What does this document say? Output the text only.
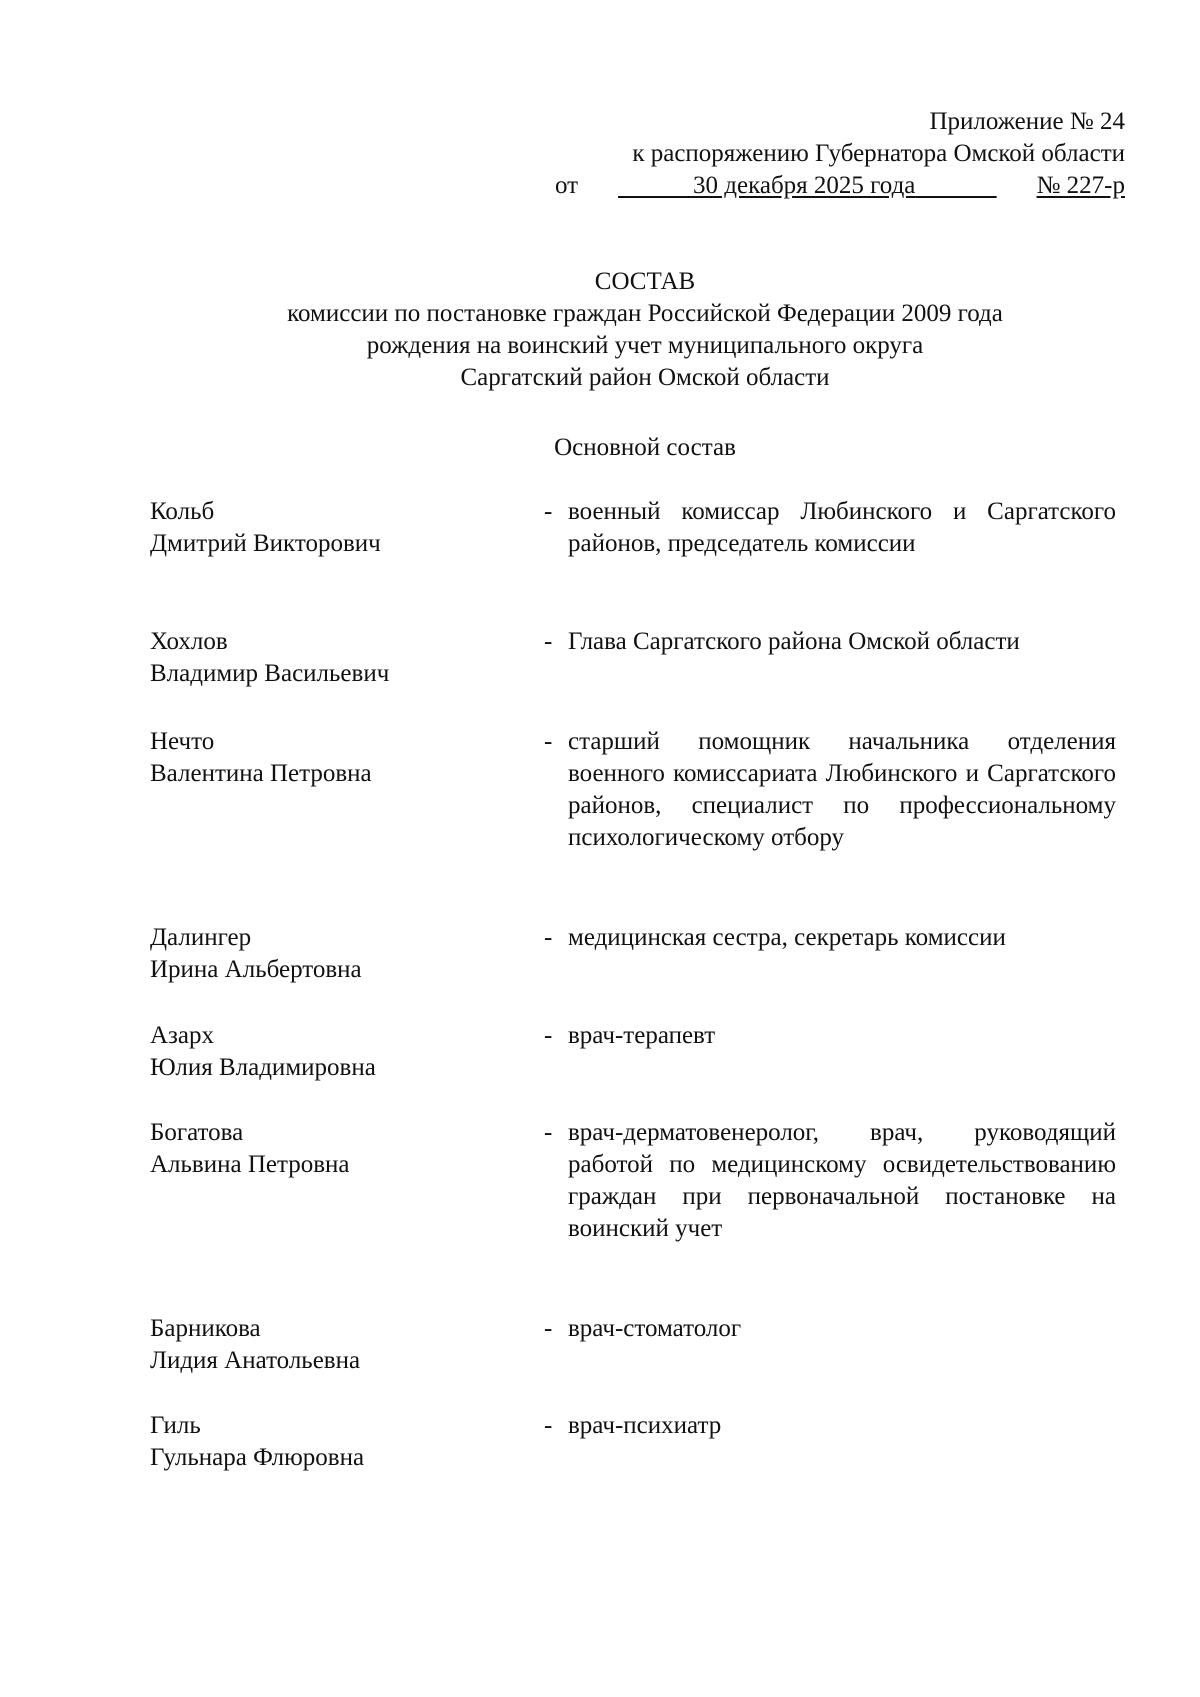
Приложение № 24
к распоряжению Губернатора Омской области
от	30 декабря 2025 года	№ 227-р
СОСТАВ
комиссии по постановке граждан Российской Федерации 2009 года
рождения на воинский учет муниципального округа
Саргатский район Омской области
Основной состав
Кольб
Дмитрий Викторович
- военный комиссар Любинского и Саргатского районов, председатель комиссии
Хохлов
Владимир Васильевич
- Глава Саргатского района Омской области
Нечто
Валентина Петровна
- старший помощник начальника отделения военного комиссариата Любинского и Саргатского районов, специалист по профессиональному психологическому отбору
Далингер
Ирина Альбертовна
- медицинская сестра, секретарь комиссии
Азарх
Юлия Владимировна
- врач-терапевт
Богатова
Альвина Петровна
- врач-дерматовенеролог, врач, руководящий работой по медицинскому освидетельствованию граждан при первоначальной постановке на воинский учет
Барникова
Лидия Анатольевна
- врач-стоматолог
Гиль
Гульнара Флюровна
- врач-психиатр
